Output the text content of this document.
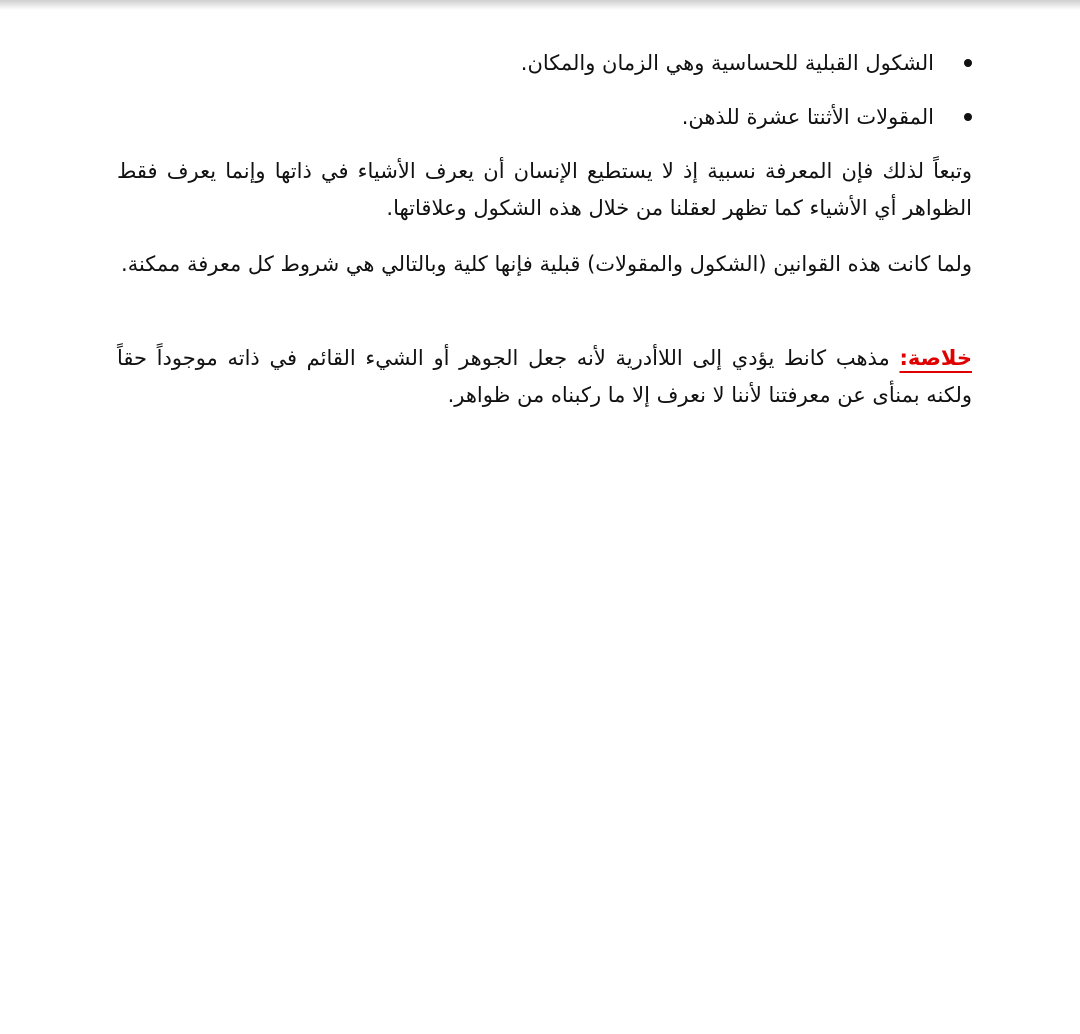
الشكول القبلية للحساسية وهي الزمان والمكان.
المقولات الأثنتا عشرة للذهن.

وتبعاً لذلك فإن المعرفة نسبية إذ لا يستطيع الإنسان أن يعرف الأشياء في ذاتها وإنما يعرف فقط الظواهر أي الأشياء كما تظهر لعقلنا من خلال هذه الشكول وعلاقاتها.

ولما كانت هذه القوانين (الشكول والمقولات) قبلية فإنها كلية وبالتالي هي شروط كل معرفة ممكنة.

خلاصة: مذهب كانط يؤدي إلى اللاأدرية لأنه جعل الجوهر أو الشيء القائم في ذاته موجوداً حقاً ولكنه بمنأى عن معرفتنا لأننا لا نعرف إلا ما ركبناه من ظواهر.
